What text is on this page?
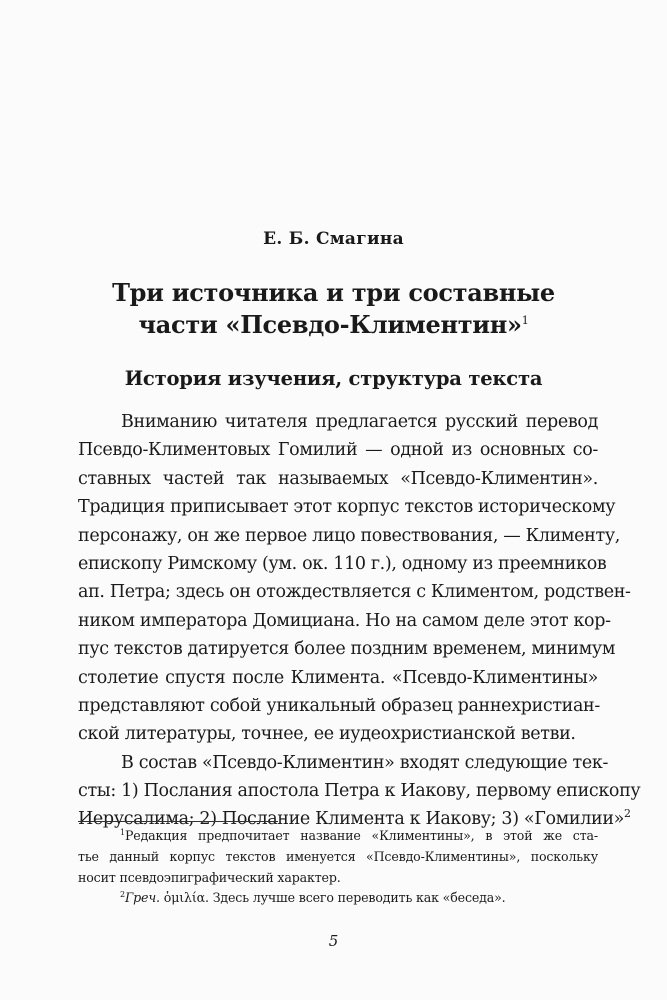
Е. Б. Смагина
Три источника и три составные
части «Псевдо-Климентин»$^1$
История изучения, структура текста
Вниманию читателя предлагается русский перевод
Псевдо-Климентовых Гомилий — одной из основных со-
ставных частей так называемых «Псевдо-Климентин».
Традиция приписывает этот корпус текстов историческому
персонажу, он же первое лицо повествования, — Клименту,
епископу Римскому (ум. ок. 110 г.), одному из преемников
ап. Петра; здесь он отождествляется с Климентом, родствен-
ником императора Домициана. Но на самом деле этот кор-
пус текстов датируется более поздним временем, минимум
столетие спустя после Климента. «Псевдо-Климентины»
представляют собой уникальный образец раннехристиан-
ской литературы, точнее, ее иудеохристианской ветви.
В состав «Псевдо-Климентин» входят следующие тек-
сты: 1) Послания апостола Петра к Иакову, первому епископу
Иерусалима; 2) Послание Климента к Иакову; 3) «Гомилии»$^2$
$^1$Редакция предпочитает название «Климентины», в этой же ста-
тье данный корпус текстов именуется «Псевдо-Климентины», поскольку
носит псевдоэпиграфический характер.
$^2$Греч. ὁμιλία. Здесь лучше всего переводить как «беседа».
5
